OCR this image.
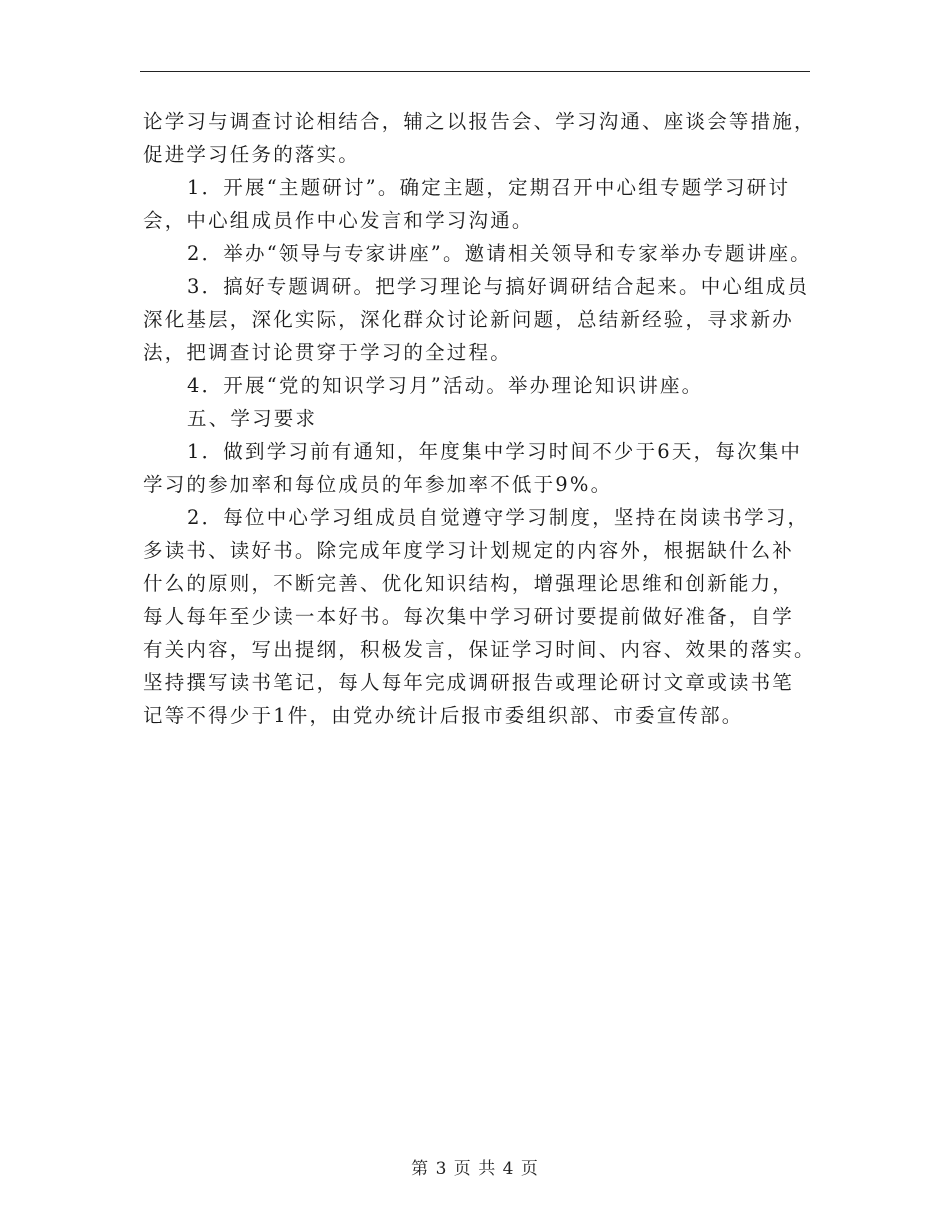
论学习与调查讨论相结合，辅之以报告会、学习沟通、座谈会等措施，
促进学习任务的落实。
1．开展“主题研讨”。确定主题，定期召开中心组专题学习研讨
会，中心组成员作中心发言和学习沟通。
2．举办“领导与专家讲座”。邀请相关领导和专家举办专题讲座。
3．搞好专题调研。把学习理论与搞好调研结合起来。中心组成员
深化基层，深化实际，深化群众讨论新问题，总结新经验，寻求新办
法，把调查讨论贯穿于学习的全过程。
4．开展“党的知识学习月”活动。举办理论知识讲座。
五、学习要求
1．做到学习前有通知，年度集中学习时间不少于6天，每次集中
学习的参加率和每位成员的年参加率不低于9%。
2．每位中心学习组成员自觉遵守学习制度，坚持在岗读书学习，
多读书、读好书。除完成年度学习计划规定的内容外，根据缺什么补
什么的原则，不断完善、优化知识结构，增强理论思维和创新能力，
每人每年至少读一本好书。每次集中学习研讨要提前做好准备，自学
有关内容，写出提纲，积极发言，保证学习时间、内容、效果的落实。
坚持撰写读书笔记，每人每年完成调研报告或理论研讨文章或读书笔
记等不得少于1件，由党办统计后报市委组织部、市委宣传部。
第 3 页 共 4 页
